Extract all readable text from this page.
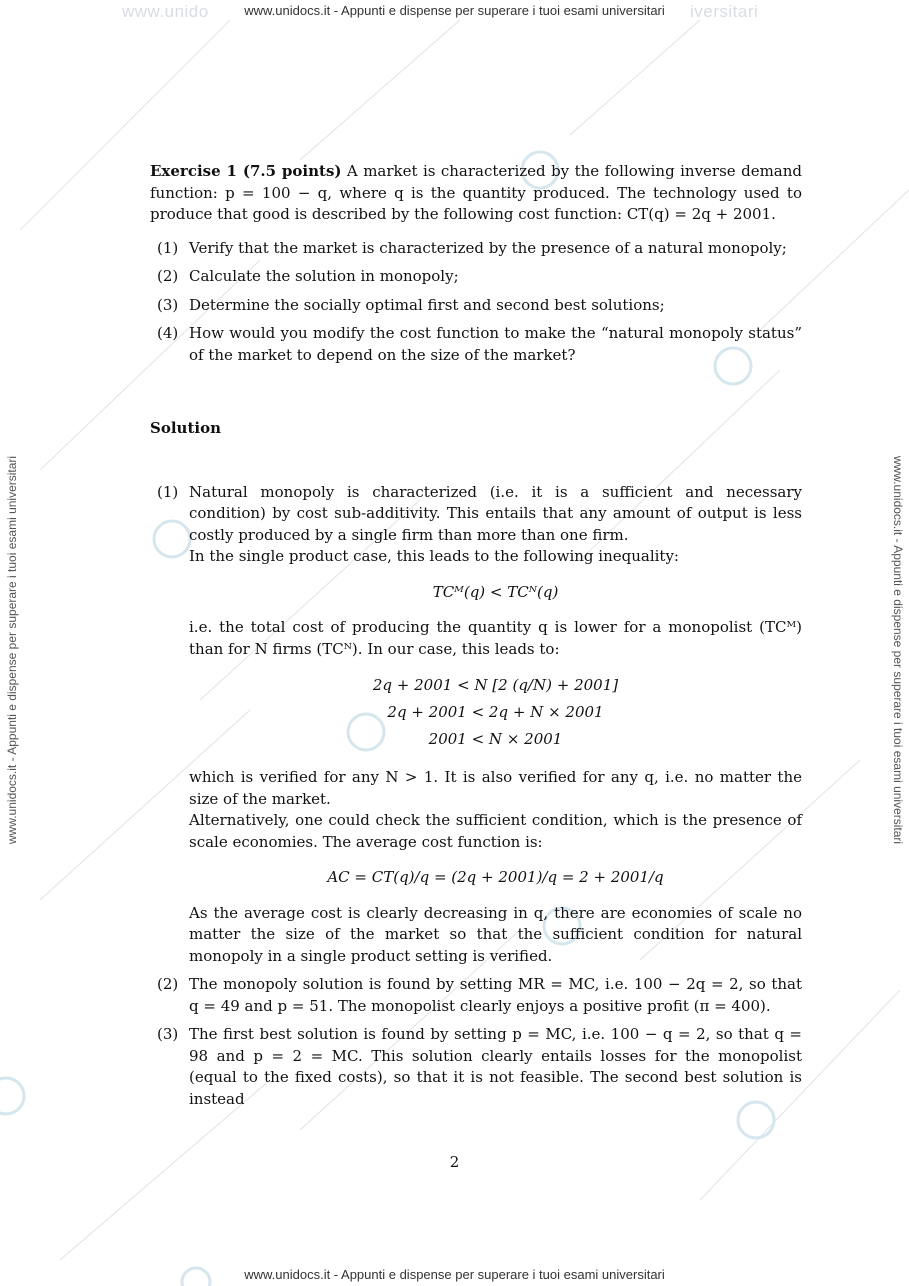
www.unido	iversitari
www.unidocs.it - Appunti e dispense per superare i tuoi esami universitari
www.unidocs.it - Appunti e dispense per superare i tuoi esami universitari	www.unidocs.it - Appunti e dispense per superare i tuoi esami universitari

Exercise 1 (7.5 points) A market is characterized by the following inverse demand function: p = 100 − q, where q is the quantity produced. The technology used to produce that good is described by the following cost function: CT(q) = 2q + 2001.

(1) Verify that the market is characterized by the presence of a natural monopoly;
(2) Calculate the solution in monopoly;
(3) Determine the socially optimal first and second best solutions;
(4) How would you modify the cost function to make the “natural monopoly status” of the market to depend on the size of the market?

Solution

(1) Natural monopoly is characterized (i.e. it is a sufficient and necessary condition) by cost sub-additivity. This entails that any amount of output is less costly produced by a single firm than more than one firm.
In the single product case, this leads to the following inequality:
TCᴹ(q) < TCᴺ(q)
i.e. the total cost of producing the quantity q is lower for a monopolist (TCᴹ) than for N firms (TCᴺ). In our case, this leads to:
2q + 2001 < N [2 (q/N) + 2001]
2q + 2001 < 2q + N × 2001
2001 < N × 2001
which is verified for any N > 1. It is also verified for any q, i.e. no matter the size of the market.
Alternatively, one could check the sufficient condition, which is the presence of scale economies. The average cost function is:
AC = CT(q)/q = (2q + 2001)/q = 2 + 2001/q
As the average cost is clearly decreasing in q, there are economies of scale no matter the size of the market so that the sufficient condition for natural monopoly in a single product setting is verified.
(2) The monopoly solution is found by setting MR = MC, i.e. 100 − 2q = 2, so that q = 49 and p = 51. The monopolist clearly enjoys a positive profit (π = 400).
(3) The first best solution is found by setting p = MC, i.e. 100 − q = 2, so that q = 98 and p = 2 = MC. This solution clearly entails losses for the monopolist (equal to the fixed costs), so that it is not feasible. The second best solution is instead
2
www.unidocs.it - Appunti e dispense per superare i tuoi esami universitari
